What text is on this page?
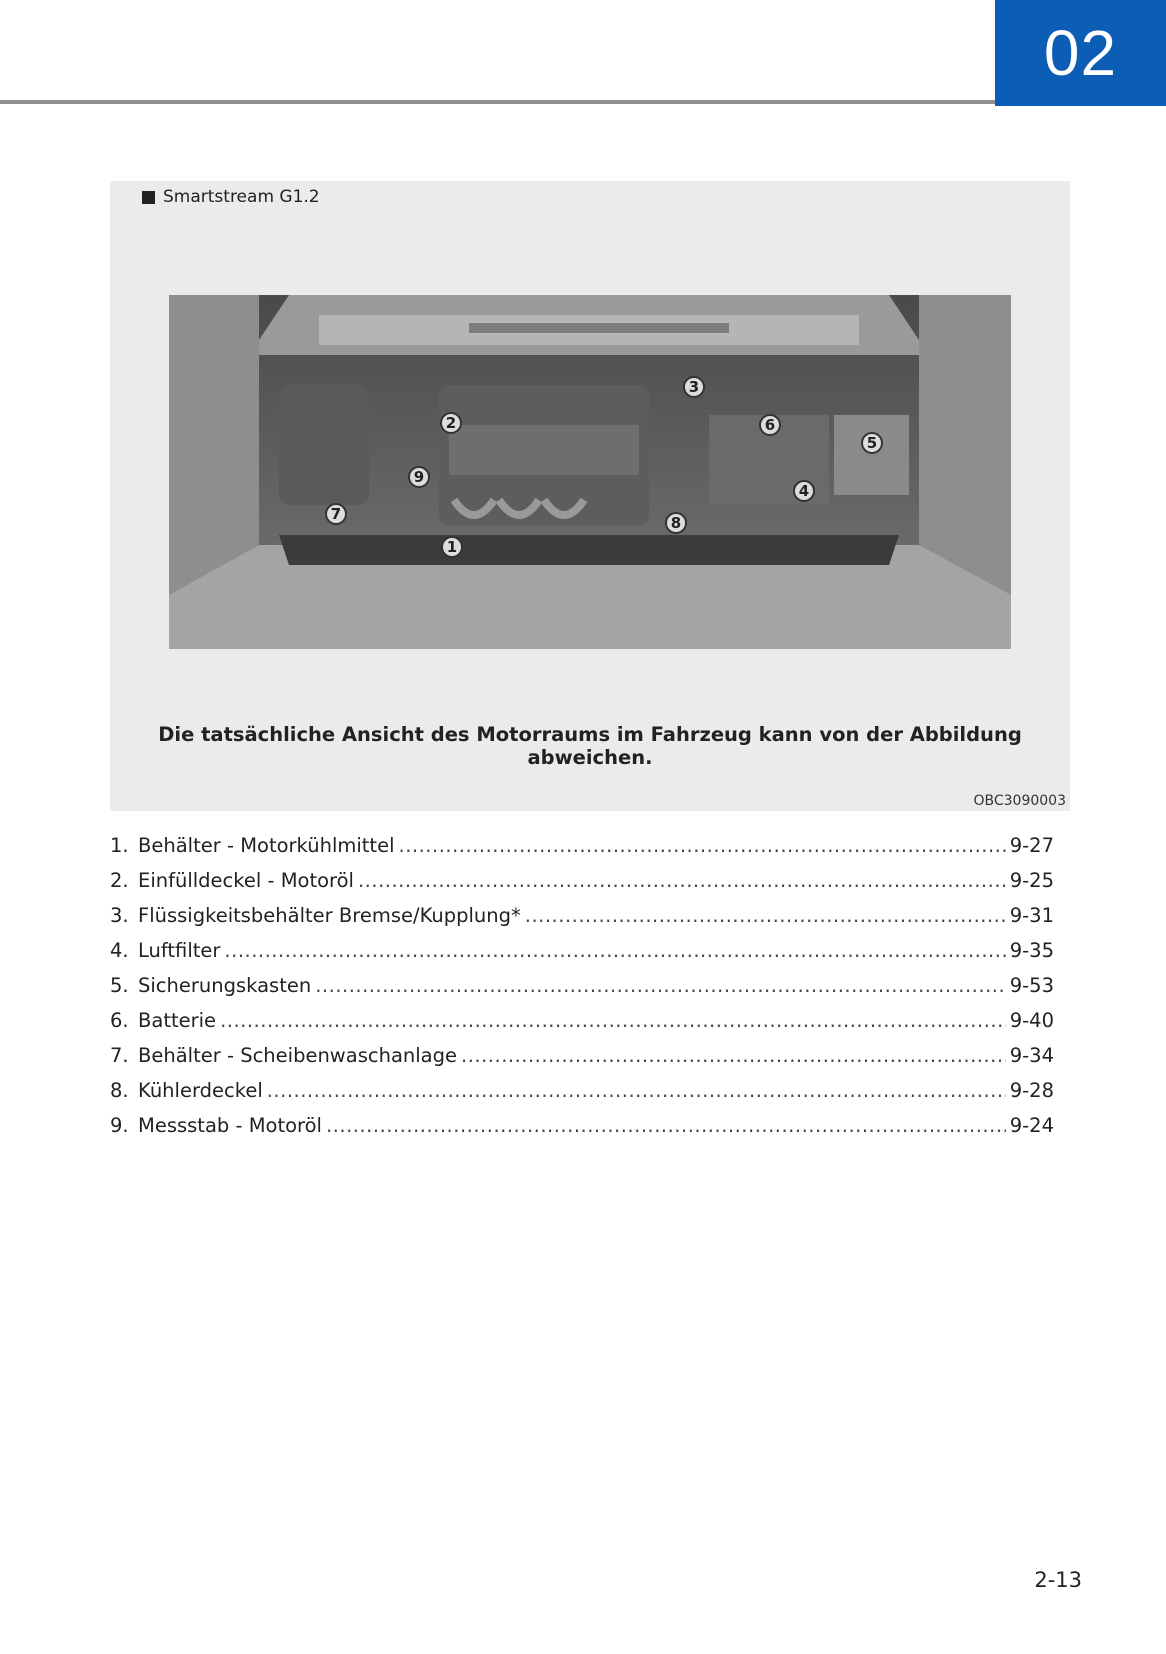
02
Smartstream G1.2
1
2
3
4
5
6
7	8
9
Die tatsächliche Ansicht des Motorraums im Fahrzeug kann von der Abbildung abweichen.
OBC3090003
1. Behälter - Motorkühlmittel .....	9-27
2. Einfülldeckel - Motoröl .....	9-25
3. Flüssigkeitsbehälter Bremse/Kupplung* .....	9-31
4. Luftfilter .....	9-35
5. Sicherungskasten .....	9-53
6. Batterie .....	9-40
7. Behälter - Scheibenwaschanlage .....	9-34
8. Kühlerdeckel .....	9-28
9. Messstab - Motoröl .....	9-24
2-13
